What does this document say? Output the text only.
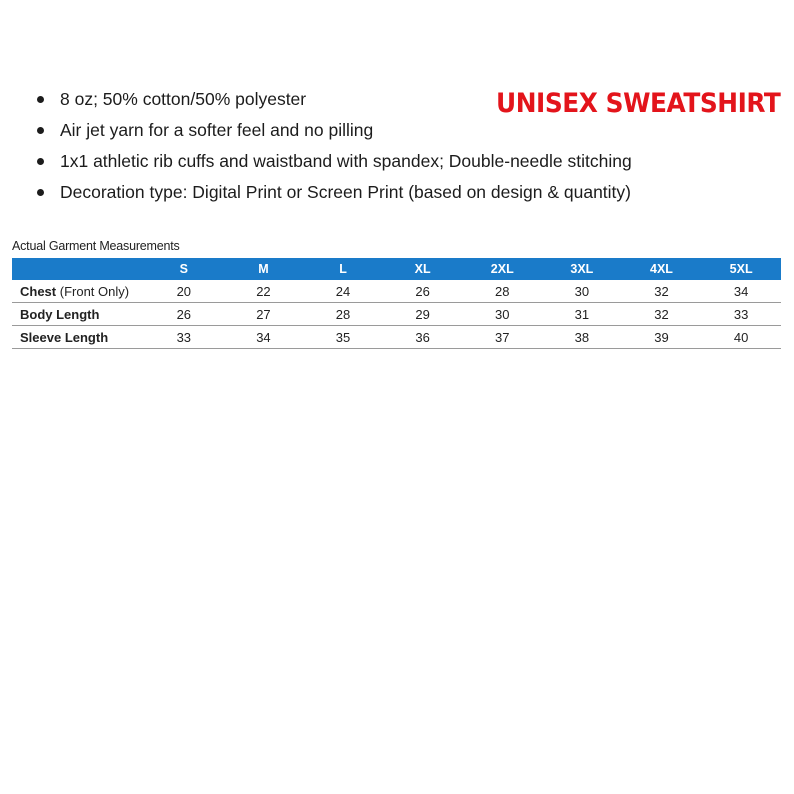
8 oz; 50% cotton/50% polyester
Air jet yarn for a softer feel and no pilling
1x1 athletic rib cuffs and waistband with spandex; Double-needle stitching
Decoration type: Digital Print or Screen Print (based on design & quantity)
UNISEX SWEATSHIRT
Actual Garment Measurements
	S	M	L	XL	2XL	3XL	4XL	5XL
Chest (Front Only)	20	22	24	26	28	30	32	34
Body Length	26	27	28	29	30	31	32	33
Sleeve Length	33	34	35	36	37	38	39	40
